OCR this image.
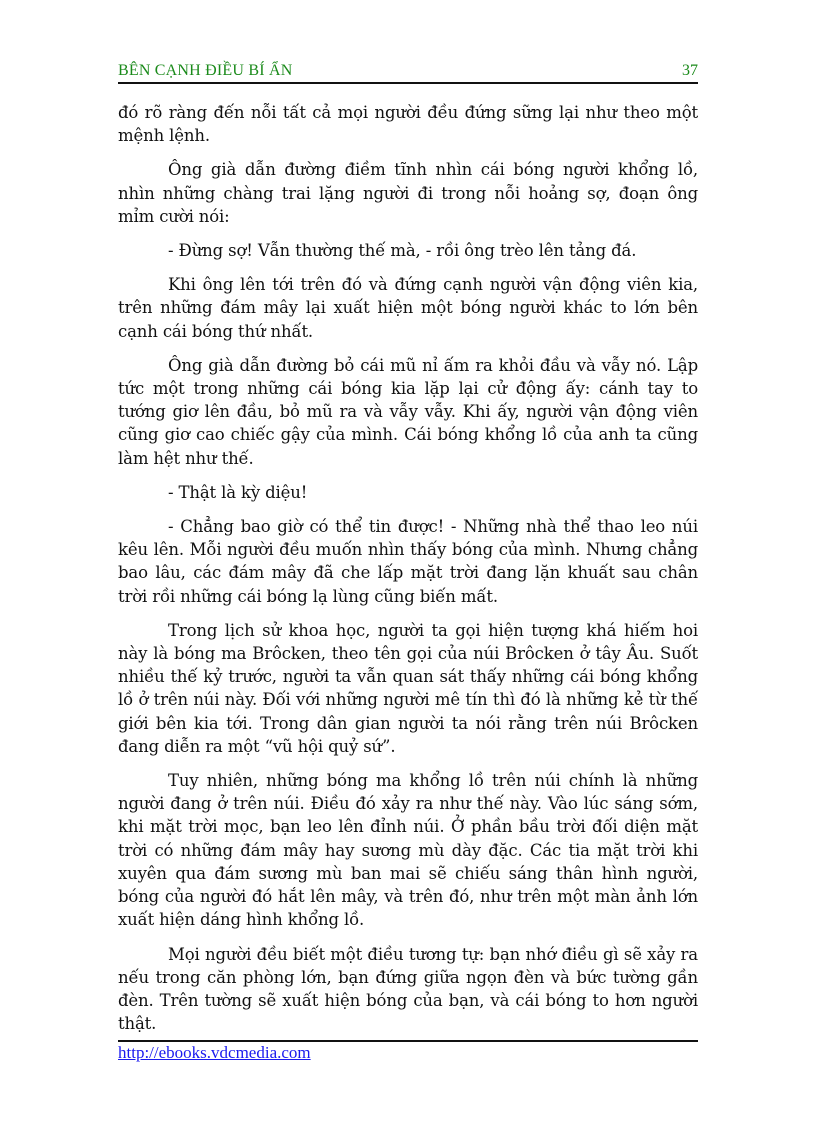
BÊN CẠNH ĐIỀU BÍ ẨN	37

đó rõ ràng đến nỗi tất cả mọi người đều đứng sững lại như theo một mệnh lệnh.

Ông già dẫn đường điềm tĩnh nhìn cái bóng người khổng lồ, nhìn những chàng trai lặng người đi trong nỗi hoảng sợ, đoạn ông mỉm cười nói:

- Đừng sợ! Vẫn thường thế mà, - rồi ông trèo lên tảng đá.

Khi ông lên tới trên đó và đứng cạnh người vận động viên kia, trên những đám mây lại xuất hiện một bóng người khác to lớn bên cạnh cái bóng thứ nhất.

Ông già dẫn đường bỏ cái mũ nỉ ấm ra khỏi đầu và vẫy nó. Lập tức một trong những cái bóng kia lặp lại cử động ấy: cánh tay to tướng giơ lên đầu, bỏ mũ ra và vẫy vẫy. Khi ấy, người vận động viên cũng giơ cao chiếc gậy của mình. Cái bóng khổng lồ của anh ta cũng làm hệt như thế.

- Thật là kỳ diệu!

- Chẳng bao giờ có thể tin được! - Những nhà thể thao leo núi kêu lên. Mỗi người đều muốn nhìn thấy bóng của mình. Nhưng chẳng bao lâu, các đám mây đã che lấp mặt trời đang lặn khuất sau chân trời rồi những cái bóng lạ lùng cũng biến mất.

Trong lịch sử khoa học, người ta gọi hiện tượng khá hiếm hoi này là bóng ma Brôcken, theo tên gọi của núi Brôcken ở tây Âu. Suốt nhiều thế kỷ trước, người ta vẫn quan sát thấy những cái bóng khổng lồ ở trên núi này. Đối với những người mê tín thì đó là những kẻ từ thế giới bên kia tới. Trong dân gian người ta nói rằng trên núi Brôcken đang diễn ra một “vũ hội quỷ sứ”.

Tuy nhiên, những bóng ma khổng lồ trên núi chính là những người đang ở trên núi. Điều đó xảy ra như thế này. Vào lúc sáng sớm, khi mặt trời mọc, bạn leo lên đỉnh núi. Ở phần bầu trời đối diện mặt trời có những đám mây hay sương mù dày đặc. Các tia mặt trời khi xuyên qua đám sương mù ban mai sẽ chiếu sáng thân hình người, bóng của người đó hắt lên mây, và trên đó, như trên một màn ảnh lớn xuất hiện dáng hình khổng lồ.

Mọi người đều biết một điều tương tự: bạn nhớ điều gì sẽ xảy ra nếu trong căn phòng lớn, bạn đứng giữa ngọn đèn và bức tường gần đèn. Trên tường sẽ xuất hiện bóng của bạn, và cái bóng to hơn người thật.

http://ebooks.vdcmedia.com
